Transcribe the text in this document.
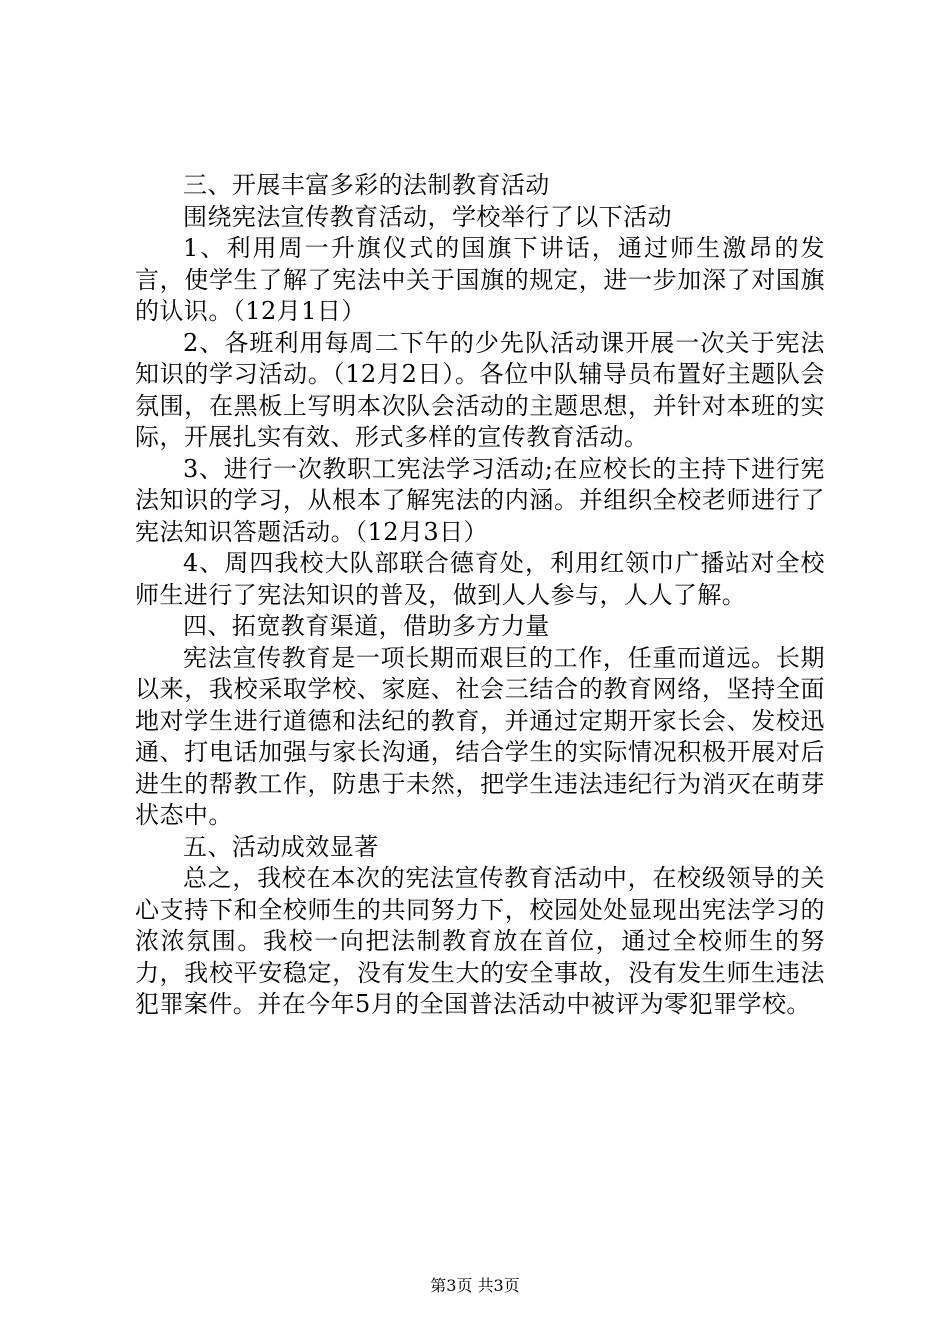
三、开展丰富多彩的法制教育活动

围绕宪法宣传教育活动，学校举行了以下活动

1、利用周一升旗仪式的国旗下讲话，通过师生激昂的发言，使学生了解了宪法中关于国旗的规定，进一步加深了对国旗的认识。（12月1日）

2、各班利用每周二下午的少先队活动课开展一次关于宪法知识的学习活动。（12月2日）。各位中队辅导员布置好主题队会氛围，在黑板上写明本次队会活动的主题思想，并针对本班的实际，开展扎实有效、形式多样的宣传教育活动。

3、进行一次教职工宪法学习活动;在应校长的主持下进行宪法知识的学习，从根本了解宪法的内涵。并组织全校老师进行了宪法知识答题活动。（12月3日）

4、周四我校大队部联合德育处，利用红领巾广播站对全校师生进行了宪法知识的普及，做到人人参与，人人了解。

四、拓宽教育渠道，借助多方力量

宪法宣传教育是一项长期而艰巨的工作，任重而道远。长期以来，我校采取学校、家庭、社会三结合的教育网络，坚持全面地对学生进行道德和法纪的教育，并通过定期开家长会、发校迅通、打电话加强与家长沟通，结合学生的实际情况积极开展对后进生的帮教工作，防患于未然，把学生违法违纪行为消灭在萌芽状态中。

五、活动成效显著

总之，我校在本次的宪法宣传教育活动中，在校级领导的关心支持下和全校师生的共同努力下，校园处处显现出宪法学习的浓浓氛围。我校一向把法制教育放在首位，通过全校师生的努力，我校平安稳定，没有发生大的安全事故，没有发生师生违法犯罪案件。并在今年5月的全国普法活动中被评为零犯罪学校。

第3页 共3页
